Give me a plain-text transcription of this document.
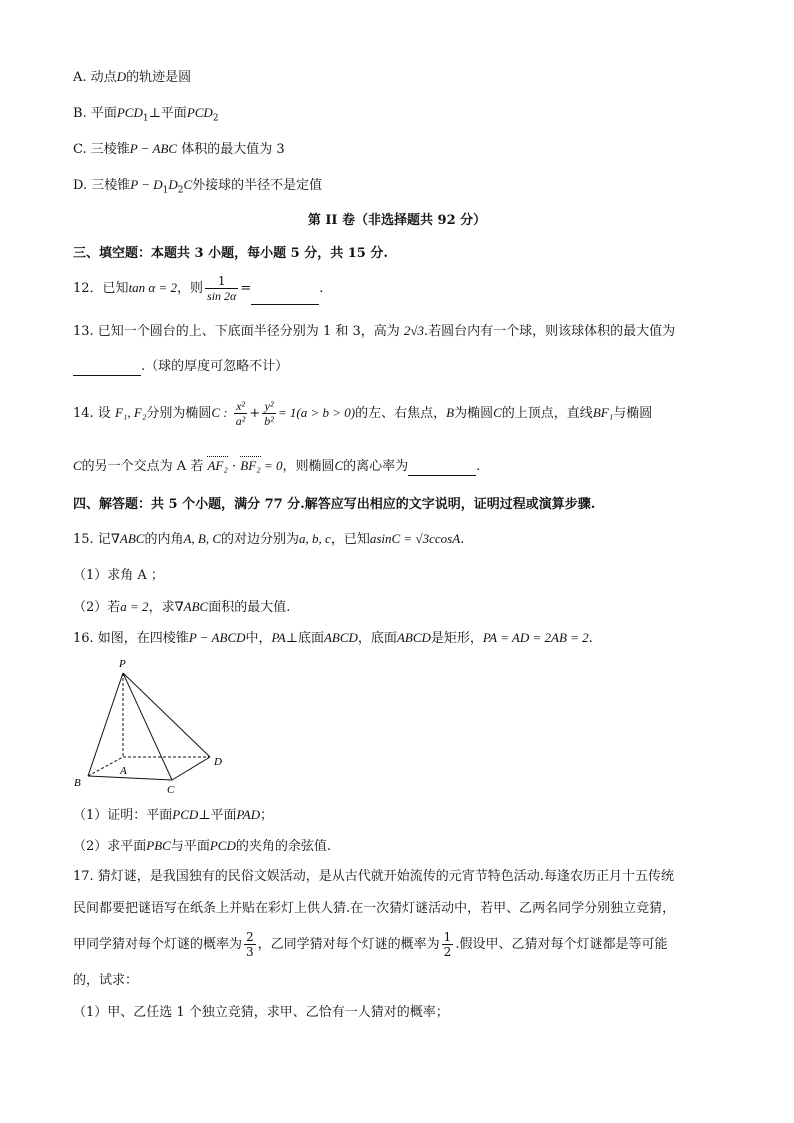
A. 动点D的轨迹是圆
B. 平面$PCD_1\perp$平面$PCD_2$
C. 三棱锥P − ABC 体积的最大值为 3
D. 三棱锥$P - D_1D_2C$外接球的半径不是定值
第 II 卷（非选择题共 92 分）
三、填空题：本题共 3 小题，每小题 5 分，共 15 分.
12．已知tan α = 2，则 $\frac{1}{\sin 2\alpha}$ =	.
13. 已知一个圆台的上、下底面半径分别为 1 和 3，高为 2√3.若圆台内有一个球，则该球体积的最大值为
.（球的厚度可忽略不计）
14. 设 F₁, F₂分别为椭圆C : $\frac{\text{x²}}{\text{a²}} + \frac{\text{y²}}{\text{b²}} = 1(a > b > 0)$的左、右焦点，B为椭圆C的上顶点，直线BF₁与椭圆
C的另一个交点为 A 若 AF₂ · BF₂ = 0，则椭圆C的离心率为	.
四、解答题：共 5 个小题，满分 77 分.解答应写出相应的文字说明，证明过程或演算步骤.
15. 记∇ABC的内角A, B, C的对边分别为a, b, c，已知asinC = √3ccosA.
（1）求角 A ；
（2）若a = 2，求∇ABC面积的最大值.
16. 如图，在四棱锥P − ABCD中，PA⊥底面ABCD，底面ABCD是矩形，PA = AD = 2AB = 2.
P
A
B
C
D
（1）证明：平面PCD⊥平面PAD；
（2）求平面PBC与平面PCD的夹角的余弦值.
17. 猜灯谜，是我国独有的民俗文娱活动，是从古代就开始流传的元宵节特色活动.每逢农历正月十五传统
民间都要把谜语写在纸条上并贴在彩灯上供人猜.在一次猜灯谜活动中，若甲、乙两名同学分别独立竞猜，
甲同学猜对每个灯谜的概率为 $\frac{2}{3}$ ，乙同学猜对每个灯谜的概率为 $\frac{1}{2}$ .假设甲、乙猜对每个灯谜都是等可能
的，试求：
（1）甲、乙任选 1 个独立竞猜，求甲、乙恰有一人猜对的概率；
